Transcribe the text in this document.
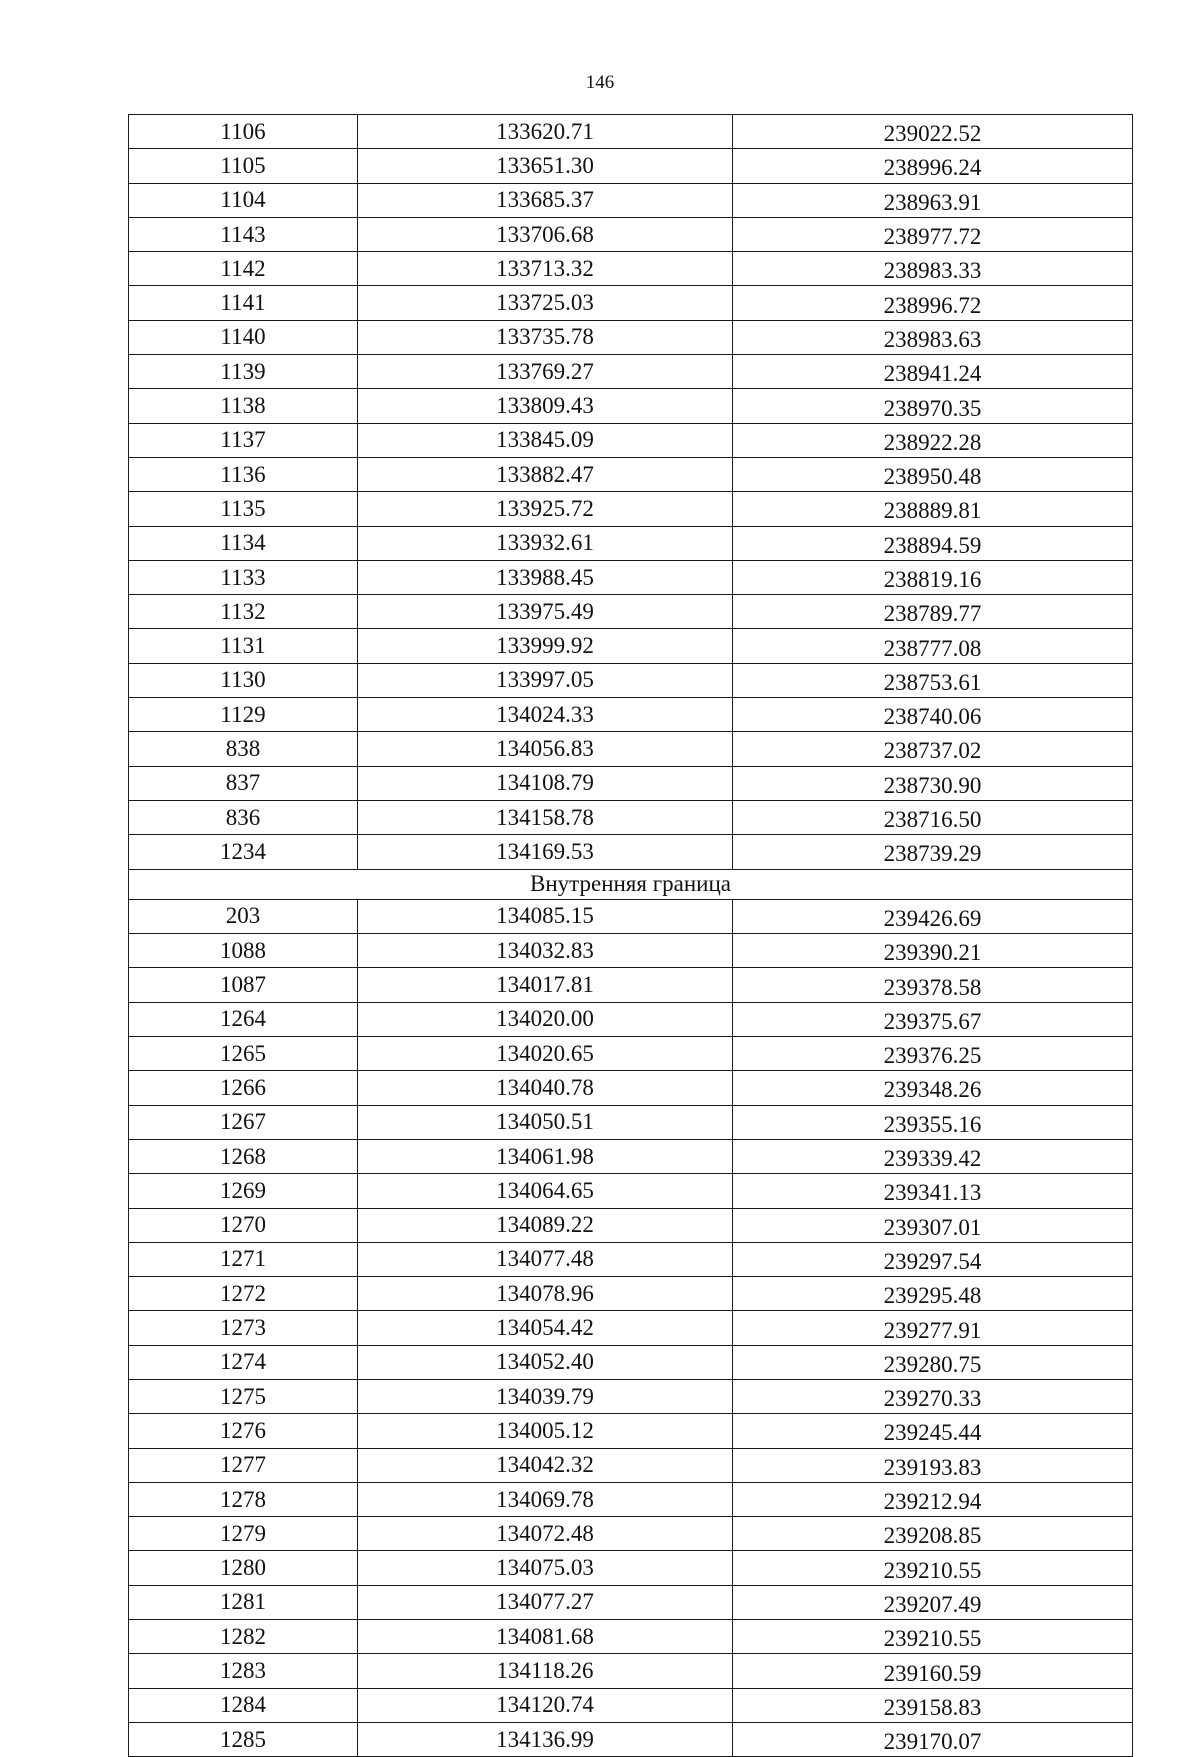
146
1106	133620.71	239022.52
1105	133651.30	238996.24
1104	133685.37	238963.91
1143	133706.68	238977.72
1142	133713.32	238983.33
1141	133725.03	238996.72
1140	133735.78	238983.63
1139	133769.27	238941.24
1138	133809.43	238970.35
1137	133845.09	238922.28
1136	133882.47	238950.48
1135	133925.72	238889.81
1134	133932.61	238894.59
1133	133988.45	238819.16
1132	133975.49	238789.77
1131	133999.92	238777.08
1130	133997.05	238753.61
1129	134024.33	238740.06
838	134056.83	238737.02
837	134108.79	238730.90
836	134158.78	238716.50
1234	134169.53	238739.29
Внутренняя граница		
203	134085.15	239426.69
1088	134032.83	239390.21
1087	134017.81	239378.58
1264	134020.00	239375.67
1265	134020.65	239376.25
1266	134040.78	239348.26
1267	134050.51	239355.16
1268	134061.98	239339.42
1269	134064.65	239341.13
1270	134089.22	239307.01
1271	134077.48	239297.54
1272	134078.96	239295.48
1273	134054.42	239277.91
1274	134052.40	239280.75
1275	134039.79	239270.33
1276	134005.12	239245.44
1277	134042.32	239193.83
1278	134069.78	239212.94
1279	134072.48	239208.85
1280	134075.03	239210.55
1281	134077.27	239207.49
1282	134081.68	239210.55
1283	134118.26	239160.59
1284	134120.74	239158.83
1285	134136.99	239170.07
